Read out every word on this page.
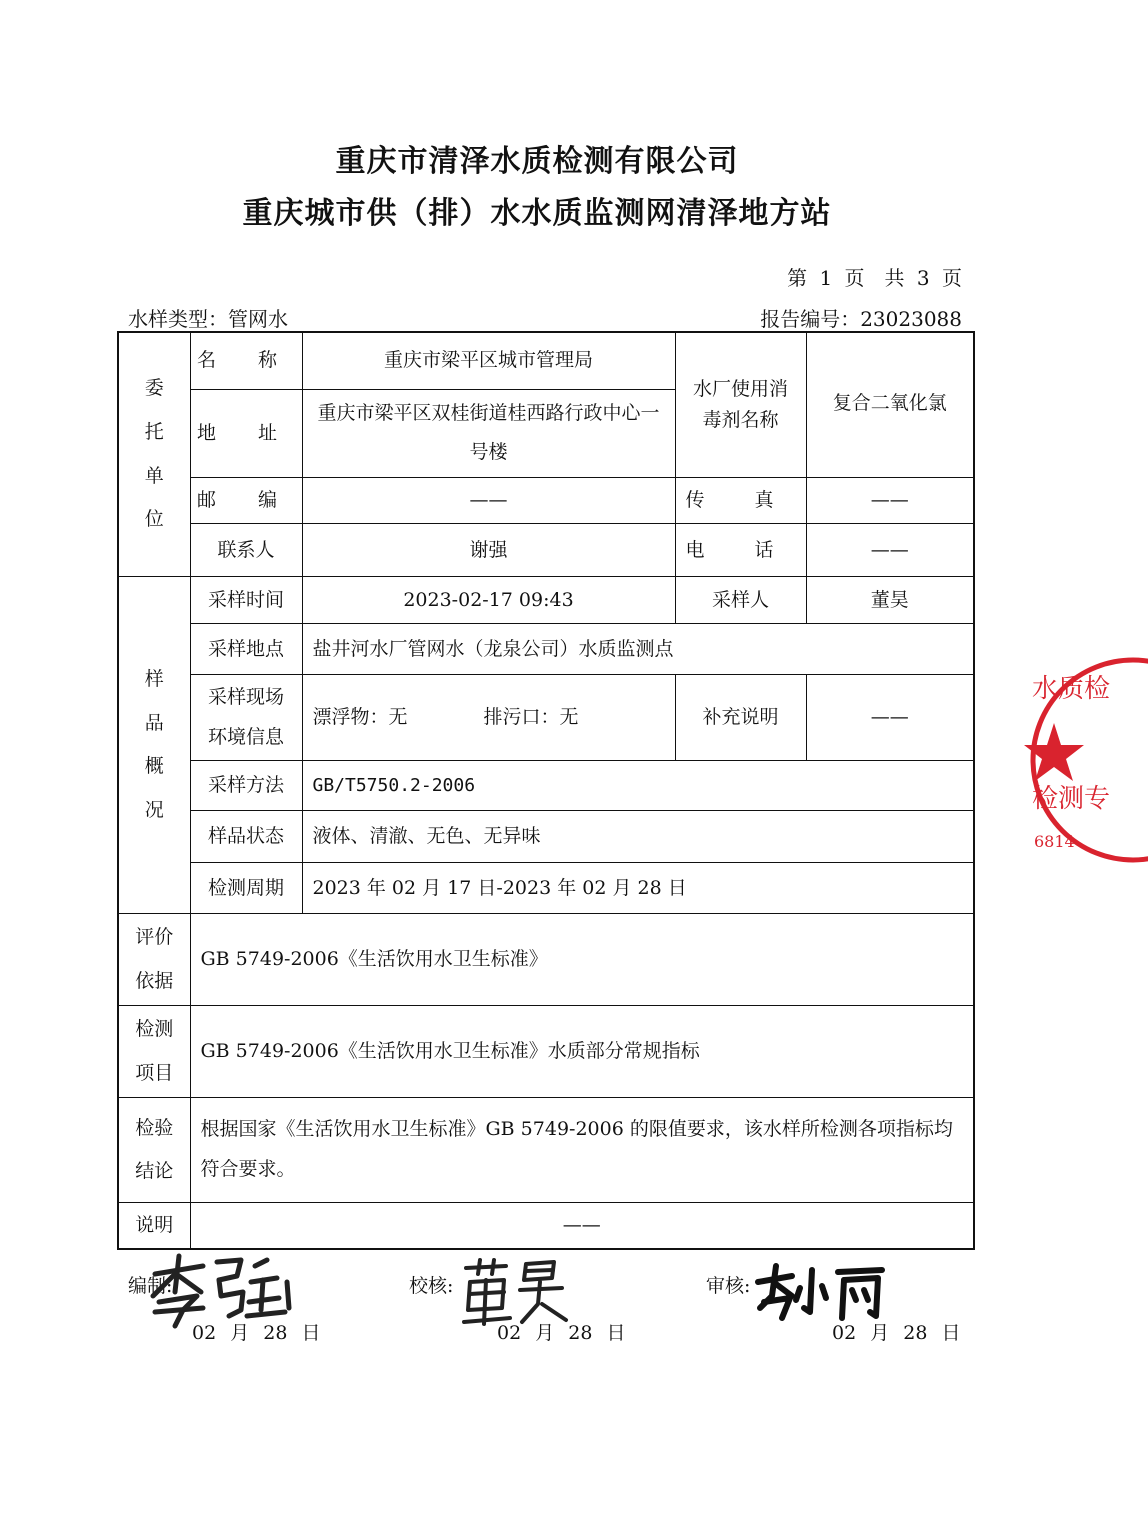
重庆市清泽水质检测有限公司
重庆城市供（排）水水质监测网清泽地方站
第 1 页　共 3 页
水样类型：管网水	报告编号：23023088
委托单位	名 称	重庆市梁平区城市管理局	水厂使用消毒剂名称	复合二氧化氯
	地 址	重庆市梁平区双桂街道桂西路行政中心一号楼		
	邮 编	——	传 真	——
	联系人	谢强	电 话	——
样品概况	采样时间	2023-02-17 09:43	采样人	董昊
	采样地点	盐井河水厂管网水（龙泉公司）水质监测点		
	采样现场环境信息	漂浮物：无 排污口：无	补充说明	——
	采样方法	GB/T5750.2-2006		
	样品状态	液体、清澈、无色、无异味		
	检测周期	2023 年 02 月 17 日-2023 年 02 月 28 日		
评价依据	GB 5749-2006《生活饮用水卫生标准》			
检测项目	GB 5749-2006《生活饮用水卫生标准》水质部分常规指标			
检验结论	根据国家《生活饮用水卫生标准》GB 5749-2006 的限值要求，该水样所检测各项指标均符合要求。			
说明	——			
编制:
02 月 28 日
校核:
02 月 28 日
审核:
02 月 28 日
水质检
检测专
6814
